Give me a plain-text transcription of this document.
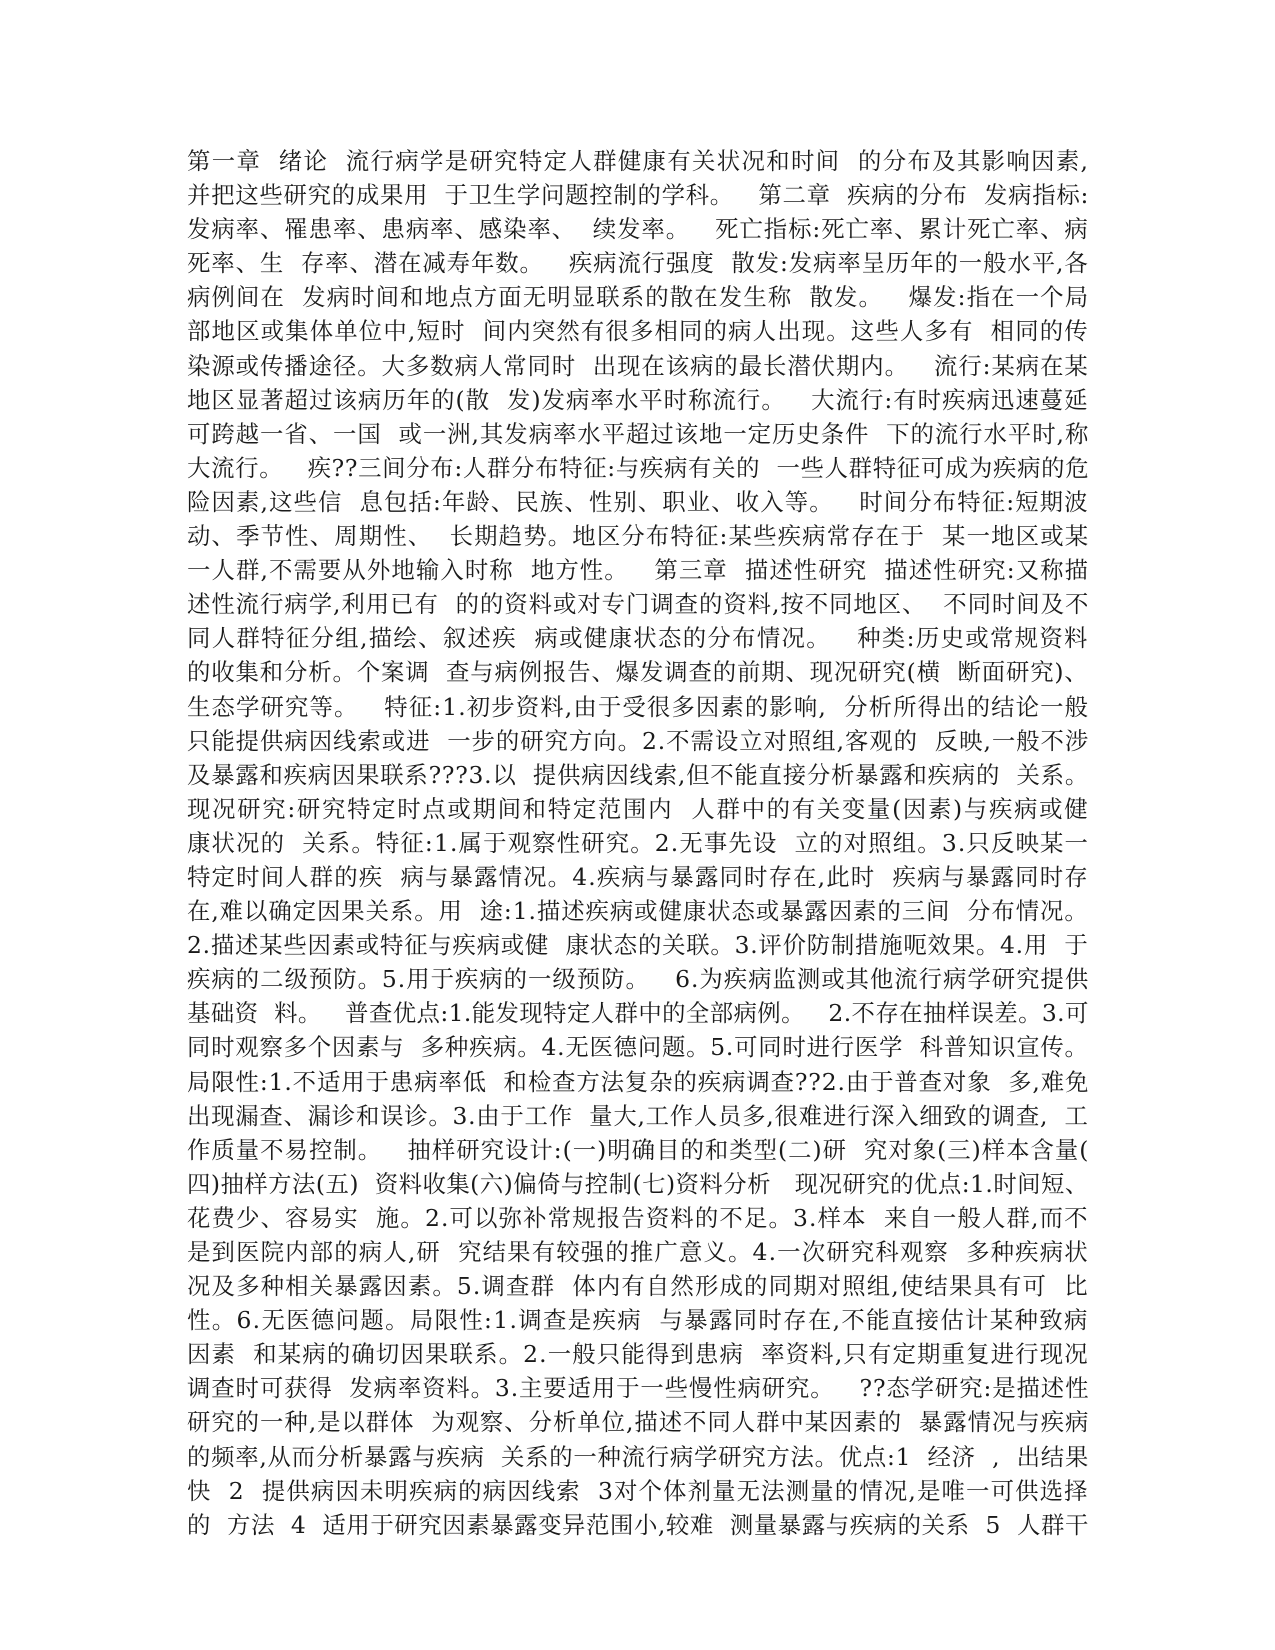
第一章  绪论  流行病学是研究特定人群健康有关状况和时间  的分布及其影响因素,
并把这些研究的成果用  于卫生学问题控制的学科。   第二章  疾病的分布  发病指标:
发病率、罹患率、患病率、感染率、  续发率。   死亡指标:死亡率、累计死亡率、病
死率、生  存率、潜在减寿年数。   疾病流行强度  散发:发病率呈历年的一般水平,各
病例间在  发病时间和地点方面无明显联系的散在发生称  散发。   爆发:指在一个局
部地区或集体单位中,短时  间内突然有很多相同的病人出现。这些人多有  相同的传
染源或传播途径。大多数病人常同时  出现在该病的最长潜伏期内。   流行:某病在某
地区显著超过该病历年的(散  发)发病率水平时称流行。   大流行:有时疾病迅速蔓延
可跨越一省、一国  或一洲,其发病率水平超过该地一定历史条件  下的流行水平时,称
大流行。   疾??三间分布:人群分布特征:与疾病有关的  一些人群特征可成为疾病的危
险因素,这些信  息包括:年龄、民族、性别、职业、收入等。   时间分布特征:短期波
动、季节性、周期性、  长期趋势。地区分布特征:某些疾病常存在于  某一地区或某
一人群,不需要从外地输入时称  地方性。   第三章  描述性研究  描述性研究:又称描
述性流行病学,利用已有  的的资料或对专门调查的资料,按不同地区、  不同时间及不
同人群特征分组,描绘、叙述疾  病或健康状态的分布情况。   种类:历史或常规资料
的收集和分析。个案调  查与病例报告、爆发调查的前期、现况研究(横  断面研究)、
生态学研究等。   特征:1.初步资料,由于受很多因素的影响,  分析所得出的结论一般
只能提供病因线索或进  一步的研究方向。2.不需设立对照组,客观的  反映,一般不涉
及暴露和疾病因果联系???3.以  提供病因线索,但不能直接分析暴露和疾病的  关系。
现况研究:研究特定时点或期间和特定范围内  人群中的有关变量(因素)与疾病或健
康状况的  关系。特征:1.属于观察性研究。2.无事先设  立的对照组。3.只反映某一
特定时间人群的疾  病与暴露情况。4.疾病与暴露同时存在,此时  疾病与暴露同时存
在,难以确定因果关系。用  途:1.描述疾病或健康状态或暴露因素的三间  分布情况。
2.描述某些因素或特征与疾病或健  康状态的关联。3.评价防制措施呃效果。4.用  于
疾病的二级预防。5.用于疾病的一级预防。   6.为疾病监测或其他流行病学研究提供
基础资  料。   普查优点:1.能发现特定人群中的全部病例。   2.不存在抽样误差。3.可
同时观察多个因素与  多种疾病。4.无医德问题。5.可同时进行医学  科普知识宣传。
局限性:1.不适用于患病率低  和检查方法复杂的疾病调查??2.由于普查对象  多,难免
出现漏查、漏诊和误诊。3.由于工作  量大,工作人员多,很难进行深入细致的调查,  工
作质量不易控制。   抽样研究设计:(一)明确目的和类型(二)研  究对象(三)样本含量(
四)抽样方法(五)  资料收集(六)偏倚与控制(七)资料分析   现况研究的优点:1.时间短、
花费少、容易实  施。2.可以弥补常规报告资料的不足。3.样本  来自一般人群,而不
是到医院内部的病人,研  究结果有较强的推广意义。4.一次研究科观察  多种疾病状
况及多种相关暴露因素。5.调查群  体内有自然形成的同期对照组,使结果具有可  比
性。6.无医德问题。局限性:1.调查是疾病  与暴露同时存在,不能直接估计某种致病
因素  和某病的确切因果联系。2.一般只能得到患病  率资料,只有定期重复进行现况
调查时可获得  发病率资料。3.主要适用于一些慢性病研究。   ??态学研究:是描述性
研究的一种,是以群体  为观察、分析单位,描述不同人群中某因素的  暴露情况与疾病
的频率,从而分析暴露与疾病  关系的一种流行病学研究方法。优点:1  经济  ,  出结果
快  2  提供病因未明疾病的病因线索  3对个体剂量无法测量的情况,是唯一可供选择
的  方法  4  适用于研究因素暴露变异范围小,较难  测量暴露与疾病的关系  5  人群干
